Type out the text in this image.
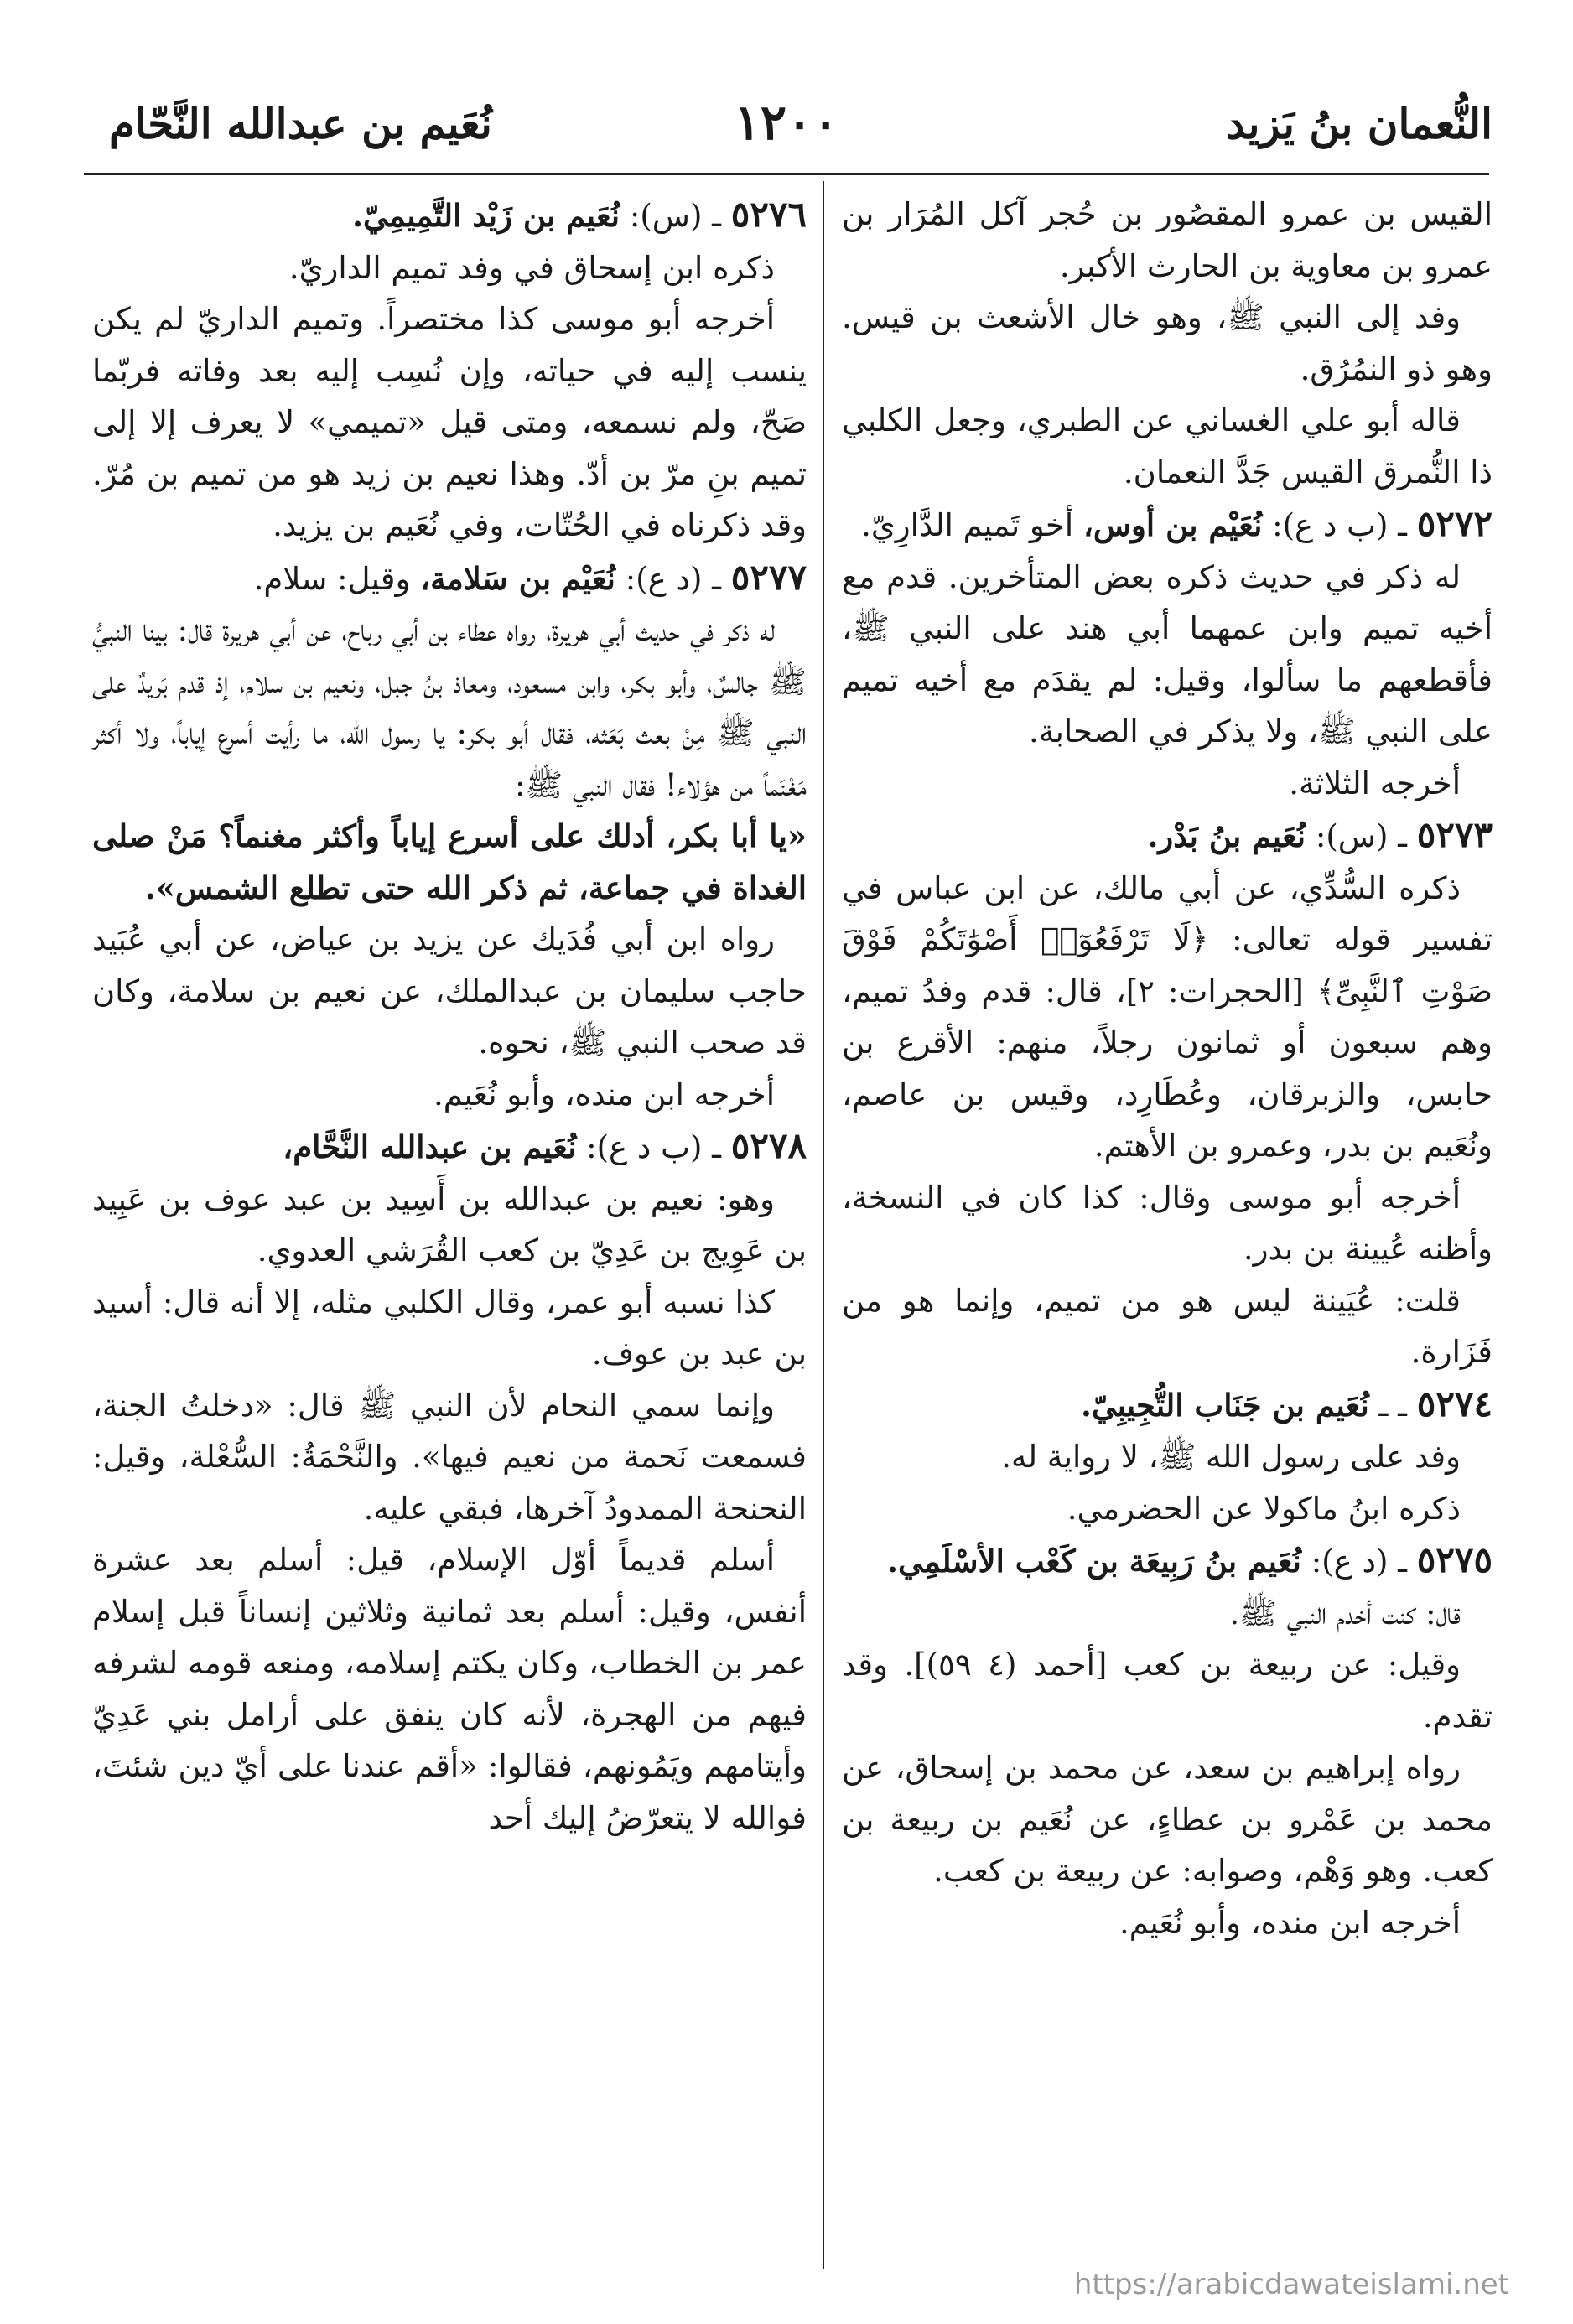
النُّعمان بنُ يَزيد
١٢٠٠
نُعَيم بن عبدالله النَّحّام

القيس بن عمرو المقصُور بن حُجر آكل المُرَار بن عمرو بن معاوية بن الحارث الأكبر.

وفد إلى النبي ﷺ، وهو خال الأشعث بن قيس. وهو ذو النمُرُق.

قاله أبو علي الغساني عن الطبري، وجعل الكلبي ذا النُّمرق القيس جَدَّ النعمان.

٥٢٧٢ ـ (ب د ع): نُعَيْم بن أوس، أخو تَميم الدَّارِيّ.

له ذكر في حديث ذكره بعض المتأخرين. قدم مع أخيه تميم وابن عمهما أبي هند على النبي ﷺ، فأقطعهم ما سألوا، وقيل: لم يقدَم مع أخيه تميم على النبي ﷺ، ولا يذكر في الصحابة.

أخرجه الثلاثة.

٥٢٧٣ ـ (س): نُعَيم بنُ بَدْر.

ذكره السُّدِّي، عن أبي مالك، عن ابن عباس في تفسير قوله تعالى: ﴿لَا تَرْفَعُوٓا۟ أَصْوَٰتَكُمْ فَوْقَ صَوْتِ ٱلنَّبِىِّ﴾ [الحجرات: ٢]، قال: قدم وفدُ تميم، وهم سبعون أو ثمانون رجلاً، منهم: الأقرع بن حابس، والزبرقان، وعُطَارِد، وقيس بن عاصم، ونُعَيم بن بدر، وعمرو بن الأهتم.

أخرجه أبو موسى وقال: كذا كان في النسخة، وأظنه عُيينة بن بدر.

قلت: عُيَينة ليس هو من تميم، وإنما هو من فَزَارة.

٥٢٧٤ ـ ـ نُعَيم بن جَنَاب التُّجِيبِيّ.

وفد على رسول الله ﷺ، لا رواية له.

ذكره ابنُ ماكولا عن الحضرمي.

٥٢٧٥ ـ (د ع): نُعَيم بنُ رَبِيعَة بن كَعْب الأسْلَمِي.

قال: كنت أخدم النبي ﷺ.

وقيل: عن ربيعة بن كعب [أحمد (٤ ٥٩)]. وقد تقدم.

رواه إبراهيم بن سعد، عن محمد بن إسحاق، عن محمد بن عَمْرو بن عطاءٍ، عن نُعَيم بن ربيعة بن كعب. وهو وَهْم، وصوابه: عن ربيعة بن كعب.

أخرجه ابن منده، وأبو نُعَيم.

٥٢٧٦ ـ (س): نُعَيم بن زَيْد التَّمِيمِيّ.

ذكره ابن إسحاق في وفد تميم الداريّ.

أخرجه أبو موسى كذا مختصراً. وتميم الداريّ لم يكن ينسب إليه في حياته، وإن نُسِب إليه بعد وفاته فربّما صَحّ، ولم نسمعه، ومتى قيل «تميمي» لا يعرف إلا إلى تميم بنِ مرّ بن أدّ. وهذا نعيم بن زيد هو من تميم بن مُرّ. وقد ذكرناه في الحُتّات، وفي نُعَيم بن يزيد.

٥٢٧٧ ـ (د ع): نُعَيْم بن سَلامة، وقيل: سلام.

له ذكر في حديث أبي هريرة، رواه عطاء بن أبي رباح، عن أبي هريرة قال: بينا النبيُّ ﷺ جالسٌ، وأبو بكر، وابن مسعود، ومعاذ بنُ جبل، ونعيم بن سلام، إذ قدم بَريدٌ على النبي ﷺ مِنْ بعث بَعَثه، فقال أبو بكر: يا رسول الله، ما رأيت أسرع إياباً، ولا أكثر مَغْنَماً من هؤلاء! فقال النبي ﷺ:

«يا أبا بكر، أدلك على أسرع إياباً وأكثر مغنماً؟ مَنْ صلى الغداة في جماعة، ثم ذكر الله حتى تطلع الشمس».

رواه ابن أبي فُدَيك عن يزيد بن عياض، عن أبي عُبَيد حاجب سليمان بن عبدالملك، عن نعيم بن سلامة، وكان قد صحب النبي ﷺ، نحوه.

أخرجه ابن منده، وأبو نُعَيم.

٥٢٧٨ ـ (ب د ع): نُعَيم بن عبدالله النَّحَّام،

وهو: نعيم بن عبدالله بن أَسِيد بن عبد عوف بن عَبِيد بن عَوِيج بن عَدِيّ بن كعب القُرَشي العدوي.

كذا نسبه أبو عمر، وقال الكلبي مثله، إلا أنه قال: أسيد بن عبد بن عوف.

وإنما سمي النحام لأن النبي ﷺ قال: «دخلتُ الجنة، فسمعت نَحمة من نعيم فيها». والنَّحْمَةُ: السُّعْلة، وقيل: النحنحة الممدودُ آخرها، فبقي عليه.

أسلم قديماً أوّل الإسلام، قيل: أسلم بعد عشرة أنفس، وقيل: أسلم بعد ثمانية وثلاثين إنساناً قبل إسلام عمر بن الخطاب، وكان يكتم إسلامه، ومنعه قومه لشرفه فيهم من الهجرة، لأنه كان ينفق على أرامل بني عَدِيّ وأيتامهم ويَمُونهم، فقالوا: «أقم عندنا على أيّ دين شئتَ، فوالله لا يتعرّضُ إليك أحد

https://arabicdawateislami.net
